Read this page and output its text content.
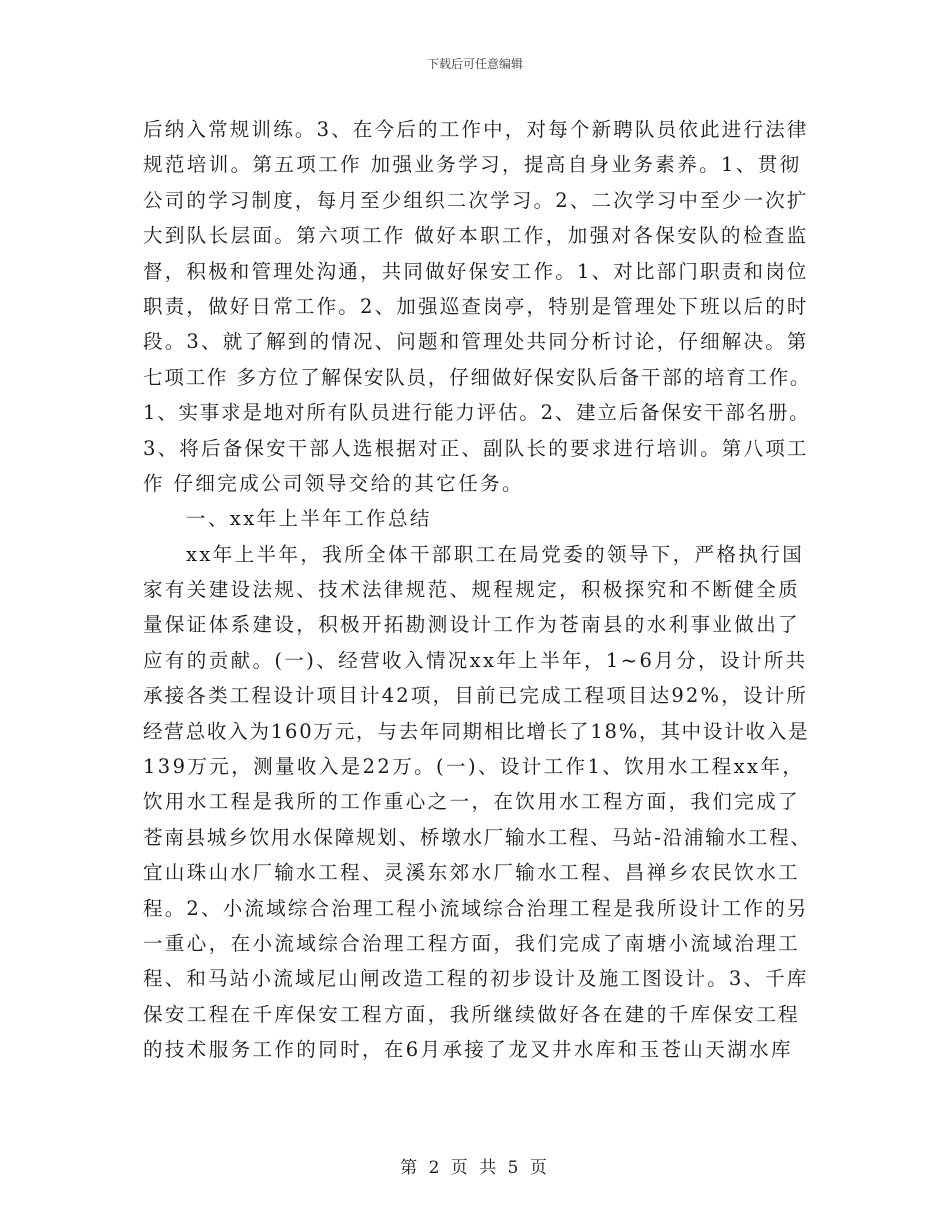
下载后可任意编辑
后纳入常规训练。3、在今后的工作中，对每个新聘队员依此进行法律
规范培训。第五项工作 加强业务学习，提高自身业务素养。1、贯彻
公司的学习制度，每月至少组织二次学习。2、二次学习中至少一次扩
大到队长层面。第六项工作 做好本职工作，加强对各保安队的检查监
督，积极和管理处沟通，共同做好保安工作。1、对比部门职责和岗位
职责，做好日常工作。2、加强巡查岗亭，特别是管理处下班以后的时
段。3、就了解到的情况、问题和管理处共同分析讨论，仔细解决。第
七项工作 多方位了解保安队员，仔细做好保安队后备干部的培育工作。
1、实事求是地对所有队员进行能力评估。2、建立后备保安干部名册。
3、将后备保安干部人选根据对正、副队长的要求进行培训。第八项工
作 仔细完成公司领导交给的其它任务。
一、xx年上半年工作总结
xx年上半年，我所全体干部职工在局党委的领导下，严格执行国
家有关建设法规、技术法律规范、规程规定，积极探究和不断健全质
量保证体系建设，积极开拓勘测设计工作为苍南县的水利事业做出了
应有的贡献。(一)、经营收入情况xx年上半年，1~6月分，设计所共
承接各类工程设计项目计42项，目前已完成工程项目达92%，设计所
经营总收入为160万元，与去年同期相比增长了18%，其中设计收入是
139万元，测量收入是22万。(一)、设计工作1、饮用水工程xx年，
饮用水工程是我所的工作重心之一，在饮用水工程方面，我们完成了
苍南县城乡饮用水保障规划、桥墩水厂输水工程、马站-沿浦输水工程、
宜山珠山水厂输水工程、灵溪东郊水厂输水工程、昌禅乡农民饮水工
程。2、小流域综合治理工程小流域综合治理工程是我所设计工作的另
一重心，在小流域综合治理工程方面，我们完成了南塘小流域治理工
程、和马站小流域尼山闸改造工程的初步设计及施工图设计。3、千库
保安工程在千库保安工程方面，我所继续做好各在建的千库保安工程
的技术服务工作的同时，在6月承接了龙叉井水库和玉苍山天湖水库
第 2 页 共 5 页
